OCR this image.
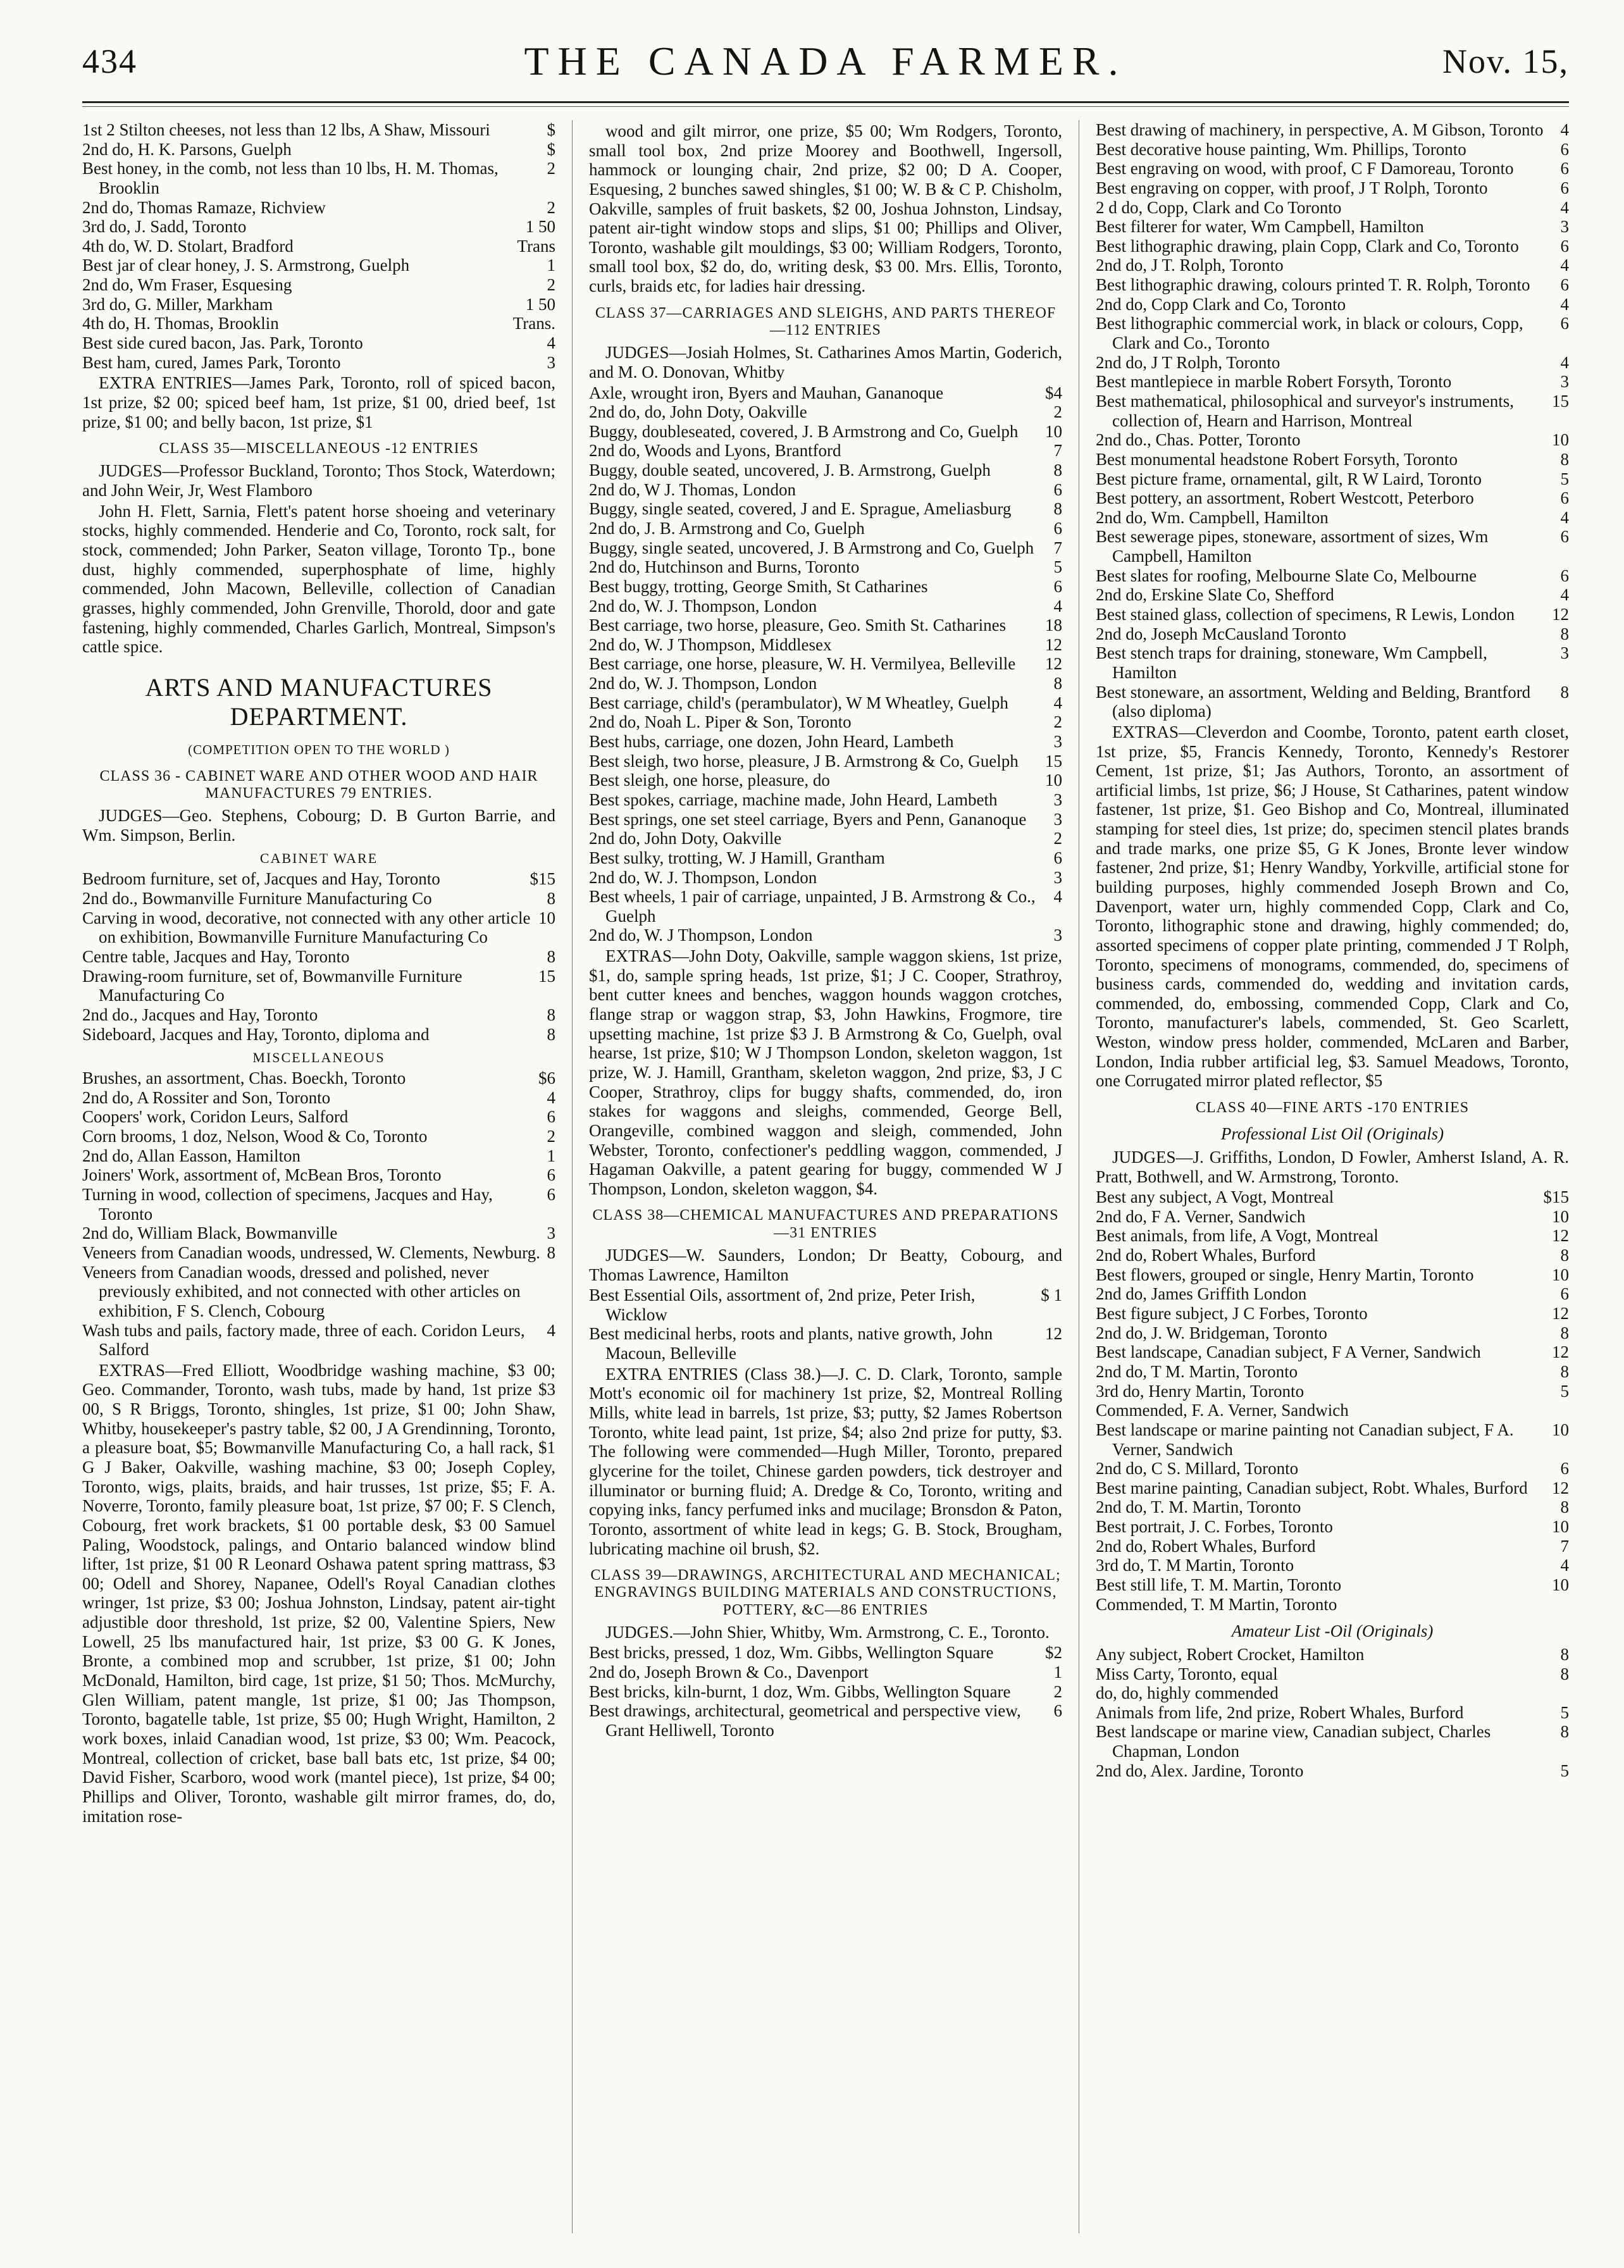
434	THE CANADA FARMER.	Nov. 15,
$
1st 2 Stilton cheeses, not less than 12 lbs, A Shaw, Missouri
$
2nd do, H. K. Parsons, Guelph
2
Best honey, in the comb, not less than 10 lbs, H. M. Thomas, Brooklin
2
2nd do, Thomas Ramaze, Richview
1 50
3rd do, J. Sadd, Toronto
Trans
4th do, W. D. Stolart, Bradford
1
Best jar of clear honey, J. S. Armstrong, Guelph
2
2nd do, Wm Fraser, Esquesing
1 50
3rd do, G. Miller, Markham
Trans.
4th do, H. Thomas, Brooklin
4
Best side cured bacon, Jas. Park, Toronto
3
Best ham, cured, James Park, Toronto
EXTRA ENTRIES—James Park, Toronto, roll of spiced bacon, 1st prize, $2 00; spiced beef ham, 1st prize, $1 00, dried beef, 1st prize, $1 00; and belly bacon, 1st prize, $1
CLASS 35—MISCELLANEOUS -12 ENTRIES
JUDGES—Professor Buckland, Toronto; Thos Stock, Waterdown; and John Weir, Jr, West Flamboro
John H. Flett, Sarnia, Flett's patent horse shoeing and veterinary stocks, highly commended. Henderie and Co, Toronto, rock salt, for stock, commended; John Parker, Seaton village, Toronto Tp., bone dust, highly commended, superphosphate of lime, highly commended, John Macown, Belleville, collection of Canadian grasses, highly commended, John Grenville, Thorold, door and gate fastening, highly commended, Charles Garlich, Montreal, Simpson's cattle spice.
ARTS AND MANUFACTURES DEPARTMENT.
(COMPETITION OPEN TO THE WORLD )
CLASS 36 - CABINET WARE AND OTHER WOOD AND HAIR MANUFACTURES 79 ENTRIES.
JUDGES—Geo. Stephens, Cobourg; D. B Gurton Barrie, and Wm. Simpson, Berlin.
CABINET WARE
$15
Bedroom furniture, set of, Jacques and Hay, Toronto
8
2nd do., Bowmanville Furniture Manufacturing Co
10
Carving in wood, decorative, not connected with any other article on exhibition, Bowmanville Furniture Manufacturing Co
8
Centre table, Jacques and Hay, Toronto
15
Drawing-room furniture, set of, Bowmanville Furniture Manufacturing Co
8
2nd do., Jacques and Hay, Toronto
8
Sideboard, Jacques and Hay, Toronto, diploma and
MISCELLANEOUS
$6
Brushes, an assortment, Chas. Boeckh, Toronto
4
2nd do, A Rossiter and Son, Toronto
6
Coopers' work, Coridon Leurs, Salford
2
Corn brooms, 1 doz, Nelson, Wood & Co, Toronto
1
2nd do, Allan Easson, Hamilton
6
Joiners' Work, assortment of, McBean Bros, Toronto
6
Turning in wood, collection of specimens, Jacques and Hay, Toronto
3
2nd do, William Black, Bowmanville
8
Veneers from Canadian woods, undressed, W. Clements, Newburg.
Veneers from Canadian woods, dressed and polished, never previously exhibited, and not connected with other articles on exhibition, F S. Clench, Cobourg
4
Wash tubs and pails, factory made, three of each. Coridon Leurs, Salford
EXTRAS—Fred Elliott, Woodbridge washing machine, $3 00; Geo. Commander, Toronto, wash tubs, made by hand, 1st prize $3 00, S R Briggs, Toronto, shingles, 1st prize, $1 00; John Shaw, Whitby, housekeeper's pastry table, $2 00, J A Grendinning, Toronto, a pleasure boat, $5; Bowmanville Manufacturing Co, a hall rack, $1 G J Baker, Oakville, washing machine, $3 00; Joseph Copley, Toronto, wigs, plaits, braids, and hair trusses, 1st prize, $5; F. A. Noverre, Toronto, family pleasure boat, 1st prize, $7 00; F. S Clench, Cobourg, fret work brackets, $1 00 portable desk, $3 00 Samuel Paling, Woodstock, palings, and Ontario balanced window blind lifter, 1st prize, $1 00 R Leonard Oshawa patent spring mattrass, $3 00; Odell and Shorey, Napanee, Odell's Royal Canadian clothes wringer, 1st prize, $3 00; Joshua Johnston, Lindsay, patent air-tight adjustible door threshold, 1st prize, $2 00, Valentine Spiers, New Lowell, 25 lbs manufactured hair, 1st prize, $3 00 G. K Jones, Bronte, a combined mop and scrubber, 1st prize, $1 00; John McDonald, Hamilton, bird cage, 1st prize, $1 50; Thos. McMurchy, Glen William, patent mangle, 1st prize, $1 00; Jas Thompson, Toronto, bagatelle table, 1st prize, $5 00; Hugh Wright, Hamilton, 2 work boxes, inlaid Canadian wood, 1st prize, $3 00; Wm. Peacock, Montreal, collection of cricket, base ball bats etc, 1st prize, $4 00; David Fisher, Scarboro, wood work (mantel piece), 1st prize, $4 00; Phillips and Oliver, Toronto, washable gilt mirror frames, do, do, imitation rose-
wood and gilt mirror, one prize, $5 00; Wm Rodgers, Toronto, small tool box, 2nd prize Moorey and Boothwell, Ingersoll, hammock or lounging chair, 2nd prize, $2 00; D A. Cooper, Esquesing, 2 bunches sawed shingles, $1 00; W. B & C P. Chisholm, Oakville, samples of fruit baskets, $2 00, Joshua Johnston, Lindsay, patent air-tight window stops and slips, $1 00; Phillips and Oliver, Toronto, washable gilt mouldings, $3 00; William Rodgers, Toronto, small tool box, $2 do, do, writing desk, $3 00. Mrs. Ellis, Toronto, curls, braids etc, for ladies hair dressing.
CLASS 37—CARRIAGES AND SLEIGHS, AND PARTS THEREOF—112 ENTRIES
JUDGES—Josiah Holmes, St. Catharines Amos Martin, Goderich, and M. O. Donovan, Whitby
$4
Axle, wrought iron, Byers and Mauhan, Gananoque
2
2nd do, do, John Doty, Oakville
10
Buggy, doubleseated, covered, J. B Armstrong and Co, Guelph
7
2nd do, Woods and Lyons, Brantford
8
Buggy, double seated, uncovered, J. B. Armstrong, Guelph
6
2nd do, W J. Thomas, London
8
Buggy, single seated, covered, J and E. Sprague, Ameliasburg
6
2nd do, J. B. Armstrong and Co, Guelph
7
Buggy, single seated, uncovered, J. B Armstrong and Co, Guelph
5
2nd do, Hutchinson and Burns, Toronto
6
Best buggy, trotting, George Smith, St Catharines
4
2nd do, W. J. Thompson, London
18
Best carriage, two horse, pleasure, Geo. Smith St. Catharines
12
2nd do, W. J Thompson, Middlesex
12
Best carriage, one horse, pleasure, W. H. Vermilyea, Belleville
8
2nd do, W. J. Thompson, London
4
Best carriage, child's (perambulator), W M Wheatley, Guelph
2
2nd do, Noah L. Piper & Son, Toronto
3
Best hubs, carriage, one dozen, John Heard, Lambeth
15
Best sleigh, two horse, pleasure, J B. Armstrong & Co, Guelph
10
Best sleigh, one horse, pleasure, do
3
Best spokes, carriage, machine made, John Heard, Lambeth
3
Best springs, one set steel carriage, Byers and Penn, Gananoque
2
2nd do, John Doty, Oakville
6
Best sulky, trotting, W. J Hamill, Grantham
3
2nd do, W. J. Thompson, London
4
Best wheels, 1 pair of carriage, unpainted, J B. Armstrong & Co., Guelph
3
2nd do, W. J Thompson, London
EXTRAS—John Doty, Oakville, sample waggon skiens, 1st prize, $1, do, sample spring heads, 1st prize, $1; J C. Cooper, Strathroy, bent cutter knees and benches, waggon hounds waggon crotches, flange strap or waggon strap, $3, John Hawkins, Frogmore, tire upsetting machine, 1st prize $3 J. B Armstrong & Co, Guelph, oval hearse, 1st prize, $10; W J Thompson London, skeleton waggon, 1st prize, W. J. Hamill, Grantham, skeleton waggon, 2nd prize, $3, J C Cooper, Strathroy, clips for buggy shafts, commended, do, iron stakes for waggons and sleighs, commended, George Bell, Orangeville, combined waggon and sleigh, commended, John Webster, Toronto, confectioner's peddling waggon, commended, J Hagaman Oakville, a patent gearing for buggy, commended W J Thompson, London, skeleton waggon, $4.
CLASS 38—CHEMICAL MANUFACTURES AND PREPARATIONS—31 ENTRIES
JUDGES—W. Saunders, London; Dr Beatty, Cobourg, and Thomas Lawrence, Hamilton
$ 1
Best Essential Oils, assortment of, 2nd prize, Peter Irish, Wicklow
12
Best medicinal herbs, roots and plants, native growth, John Macoun, Belleville
EXTRA ENTRIES (Class 38.)—J. C. D. Clark, Toronto, sample Mott's economic oil for machinery 1st prize, $2, Montreal Rolling Mills, white lead in barrels, 1st prize, $3; putty, $2 James Robertson Toronto, white lead paint, 1st prize, $4; also 2nd prize for putty, $3. The following were commended—Hugh Miller, Toronto, prepared glycerine for the toilet, Chinese garden powders, tick destroyer and illuminator or burning fluid; A. Dredge & Co, Toronto, writing and copying inks, fancy perfumed inks and mucilage; Bronsdon & Paton, Toronto, assortment of white lead in kegs; G. B. Stock, Brougham, lubricating machine oil brush, $2.
CLASS 39—DRAWINGS, ARCHITECTURAL AND MECHANICAL; ENGRAVINGS BUILDING MATERIALS AND CONSTRUCTIONS, POTTERY, &C—86 ENTRIES
JUDGES.—John Shier, Whitby, Wm. Armstrong, C. E., Toronto.
$2
Best bricks, pressed, 1 doz, Wm. Gibbs, Wellington Square
1
2nd do, Joseph Brown & Co., Davenport
2
Best bricks, kiln-burnt, 1 doz, Wm. Gibbs, Wellington Square
6
Best drawings, architectural, geometrical and perspective view, Grant Helliwell, Toronto
4
Best drawing of machinery, in perspective, A. M Gibson, Toronto
6
Best decorative house painting, Wm. Phillips, Toronto
6
Best engraving on wood, with proof, C F Damoreau, Toronto
6
Best engraving on copper, with proof, J T Rolph, Toronto
4
2 d do, Copp, Clark and Co Toronto
3
Best filterer for water, Wm Campbell, Hamilton
6
Best lithographic drawing, plain Copp, Clark and Co, Toronto
4
2nd do, J T. Rolph, Toronto
6
Best lithographic drawing, colours printed T. R. Rolph, Toronto
4
2nd do, Copp Clark and Co, Toronto
6
Best lithographic commercial work, in black or colours, Copp, Clark and Co., Toronto
4
2nd do, J T Rolph, Toronto
3
Best mantlepiece in marble Robert Forsyth, Toronto
15
Best mathematical, philosophical and surveyor's instruments, collection of, Hearn and Harrison, Montreal
10
2nd do., Chas. Potter, Toronto
8
Best monumental headstone Robert Forsyth, Toronto
5
Best picture frame, ornamental, gilt, R W Laird, Toronto
6
Best pottery, an assortment, Robert Westcott, Peterboro
4
2nd do, Wm. Campbell, Hamilton
6
Best sewerage pipes, stoneware, assortment of sizes, Wm Campbell, Hamilton
6
Best slates for roofing, Melbourne Slate Co, Melbourne
4
2nd do, Erskine Slate Co, Shefford
12
Best stained glass, collection of specimens, R Lewis, London
8
2nd do, Joseph McCausland Toronto
3
Best stench traps for draining, stoneware, Wm Campbell, Hamilton
8
Best stoneware, an assortment, Welding and Belding, Brantford (also diploma)
EXTRAS—Cleverdon and Coombe, Toronto, patent earth closet, 1st prize, $5, Francis Kennedy, Toronto, Kennedy's Restorer Cement, 1st prize, $1; Jas Authors, Toronto, an assortment of artificial limbs, 1st prize, $6; J House, St Catharines, patent window fastener, 1st prize, $1. Geo Bishop and Co, Montreal, illuminated stamping for steel dies, 1st prize; do, specimen stencil plates brands and trade marks, one prize $5, G K Jones, Bronte lever window fastener, 2nd prize, $1; Henry Wandby, Yorkville, artificial stone for building purposes, highly commended Joseph Brown and Co, Davenport, water urn, highly commended Copp, Clark and Co, Toronto, lithographic stone and drawing, highly commended; do, assorted specimens of copper plate printing, commended J T Rolph, Toronto, specimens of monograms, commended, do, specimens of business cards, commended do, wedding and invitation cards, commended, do, embossing, commended Copp, Clark and Co, Toronto, manufacturer's labels, commended, St. Geo Scarlett, Weston, window press holder, commended, McLaren and Barber, London, India rubber artificial leg, $3. Samuel Meadows, Toronto, one Corrugated mirror plated reflector, $5
CLASS 40—FINE ARTS -170 ENTRIES
Professional List Oil (Originals)
JUDGES—J. Griffiths, London, D Fowler, Amherst Island, A. R. Pratt, Bothwell, and W. Armstrong, Toronto.
$15
Best any subject, A Vogt, Montreal
10
2nd do, F A. Verner, Sandwich
12
Best animals, from life, A Vogt, Montreal
8
2nd do, Robert Whales, Burford
10
Best flowers, grouped or single, Henry Martin, Toronto
6
2nd do, James Griffith London
12
Best figure subject, J C Forbes, Toronto
8
2nd do, J. W. Bridgeman, Toronto
12
Best landscape, Canadian subject, F A Verner, Sandwich
8
2nd do, T M. Martin, Toronto
5
3rd do, Henry Martin, Toronto
Commended, F. A. Verner, Sandwich
10
Best landscape or marine painting not Canadian subject, F A. Verner, Sandwich
6
2nd do, C S. Millard, Toronto
12
Best marine painting, Canadian subject, Robt. Whales, Burford
8
2nd do, T. M. Martin, Toronto
10
Best portrait, J. C. Forbes, Toronto
7
2nd do, Robert Whales, Burford
4
3rd do, T. M Martin, Toronto
10
Best still life, T. M. Martin, Toronto
Commended, T. M Martin, Toronto
Amateur List -Oil (Originals)
8
Any subject, Robert Crocket, Hamilton
8
Miss Carty, Toronto, equal
do, do, highly commended
5
Animals from life, 2nd prize, Robert Whales, Burford
8
Best landscape or marine view, Canadian subject, Charles Chapman, London
5
2nd do, Alex. Jardine, Toronto
